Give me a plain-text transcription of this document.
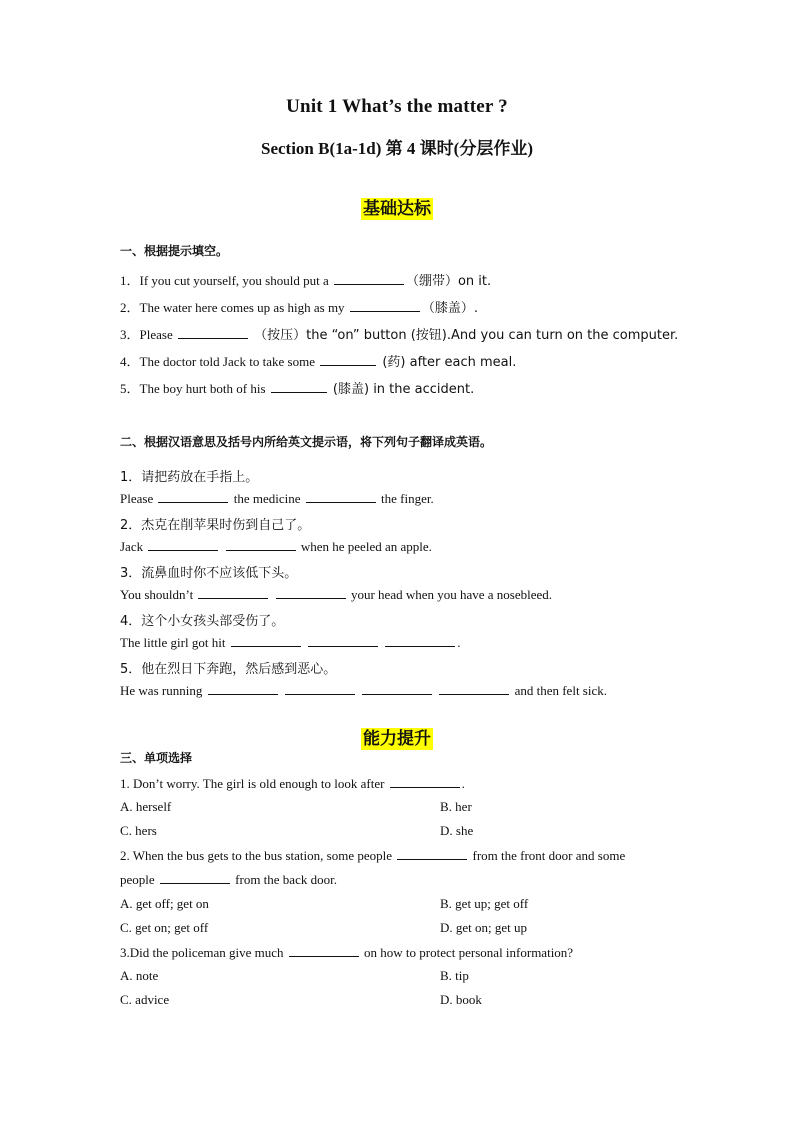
Unit 1 What’s the matter ?
Section B(1a-1d) 第 4 课时(分层作业)
基础达标
一、根据提示填空。
1．If you cut yourself, you should put a	（绷带）on it.
2．The water here comes up as high as my	（膝盖）.
3．Please	（按压）the “on” button (按钮).And you can turn on the computer.
4．The doctor told Jack to take some	(药) after each meal.
5．The boy hurt both of his	(膝盖) in the accident.
二、根据汉语意思及括号内所给英文提示语，将下列句子翻译成英语。
1．请把药放在手指上。
Please	the medicine	the finger.
2．杰克在削苹果时伤到自己了。
Jack	when he peeled an apple.
3．流鼻血时你不应该低下头。
You shouldn’t	your head when you have a nosebleed.
4．这个小女孩头部受伤了。
The little girl got hit	.
5．他在烈日下奔跑，然后感到恶心。
He was running	and then felt sick.
能力提升
三、单项选择
1. Don’t worry. The girl is old enough to look after	.
A. herself	B. her
C. hers	D. she
2. When the bus gets to the bus station, some people	from the front door and some
people	from the back door.
A. get off; get on	B. get up; get off
C. get on; get off	D. get on; get up
3.Did the policeman give much	on how to protect personal information?
A. note	B. tip
C. advice	D. book
